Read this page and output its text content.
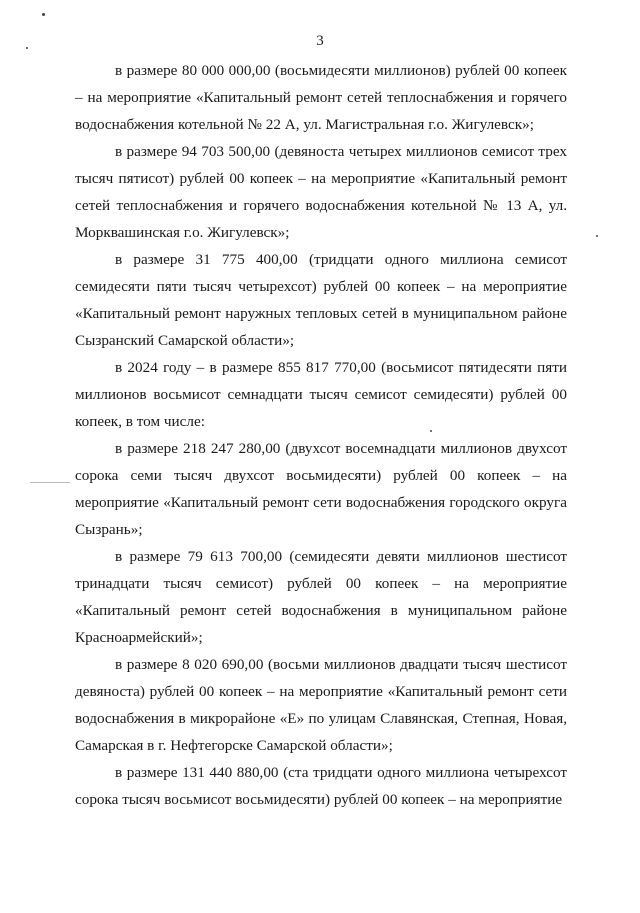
3

в размере 80 000 000,00 (восьмидесяти миллионов) рублей 00 копеек – на мероприятие «Капитальный ремонт сетей теплоснабжения и горячего водоснабжения котельной № 22 А, ул. Магистральная г.о. Жигулевск»;

в размере 94 703 500,00 (девяноста четырех миллионов семисот трех тысяч пятисот) рублей 00 копеек – на мероприятие «Капитальный ремонт сетей теплоснабжения и горячего водоснабжения котельной № 13 А, ул. Морквашинская г.о. Жигулевск»;

в размере 31 775 400,00 (тридцати одного миллиона семисот семидесяти пяти тысяч четырехсот) рублей 00 копеек – на мероприятие «Капитальный ремонт наружных тепловых сетей в муниципальном районе Сызранский Самарской области»;

в 2024 году – в размере 855 817 770,00 (восьмисот пятидесяти пяти миллионов восьмисот семнадцати тысяч семисот семидесяти) рублей 00 копеек, в том числе:

в размере 218 247 280,00 (двухсот восемнадцати миллионов двухсот сорока семи тысяч двухсот восьмидесяти) рублей 00 копеек – на мероприятие «Капитальный ремонт сети водоснабжения городского округа Сызрань»;

в размере 79 613 700,00 (семидесяти девяти миллионов шестисот тринадцати тысяч семисот) рублей 00 копеек – на мероприятие «Капитальный ремонт сетей водоснабжения в муниципальном районе Красноармейский»;

в размере 8 020 690,00 (восьми миллионов двадцати тысяч шестисот девяноста) рублей 00 копеек – на мероприятие «Капитальный ремонт сети водоснабжения в микрорайоне «Е» по улицам Славянская, Степная, Новая, Самарская в г. Нефтегорске Самарской области»;

в размере 131 440 880,00 (ста тридцати одного миллиона четырехсот сорока тысяч восьмисот восьмидесяти) рублей 00 копеек – на мероприятие
